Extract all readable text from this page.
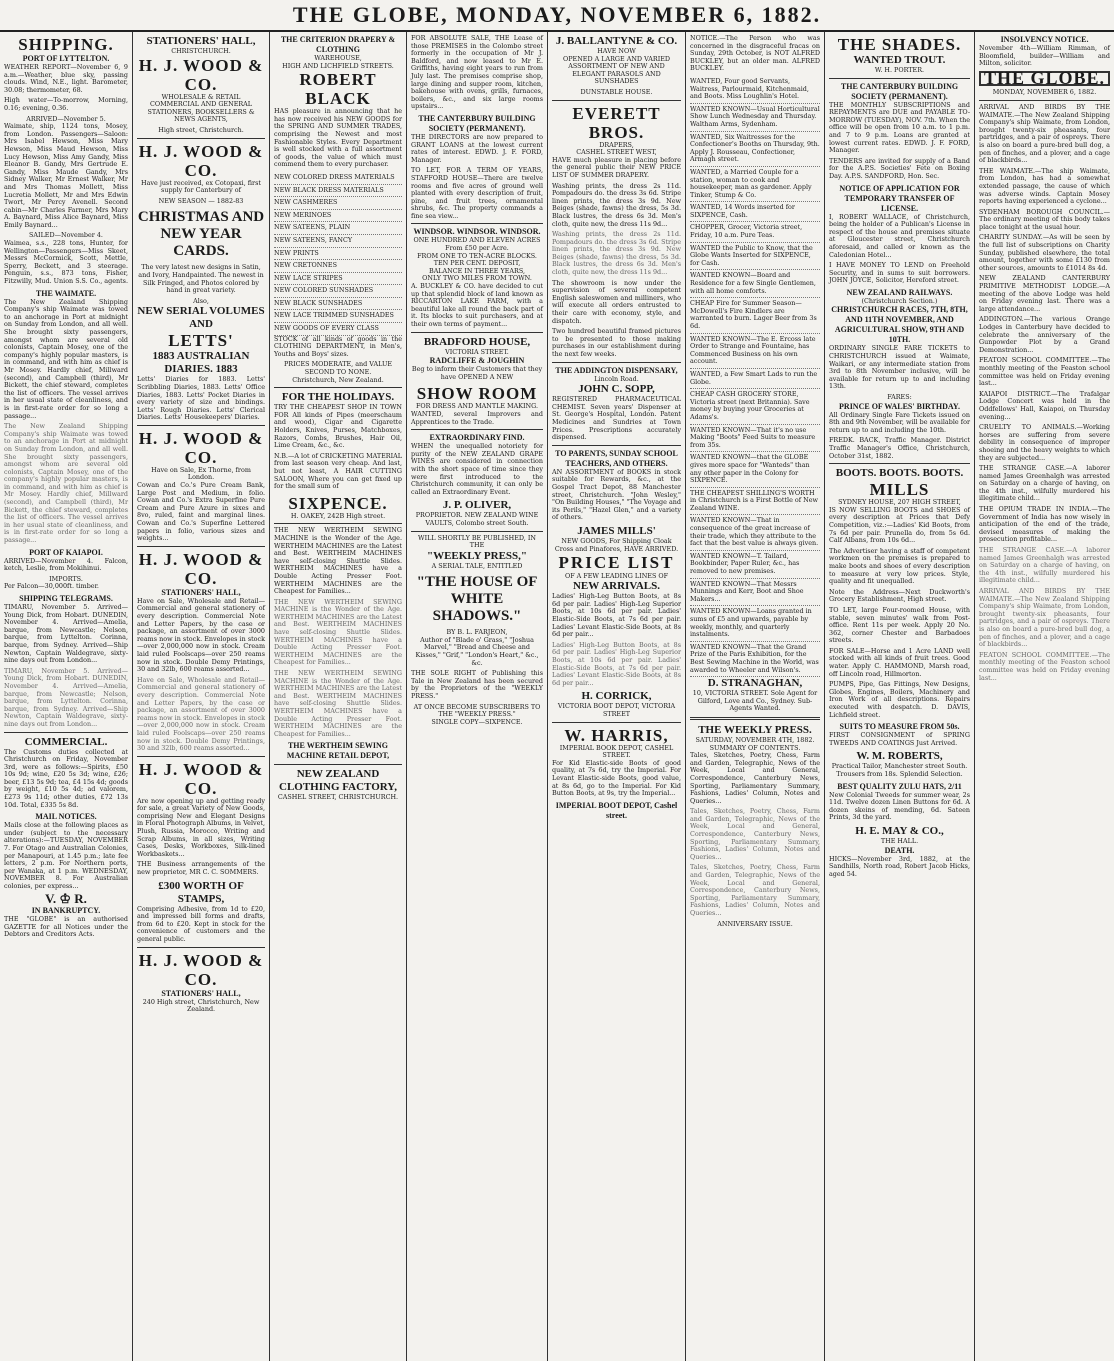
THE GLOBE, MONDAY, NOVEMBER 6, 1882.
SHIPPING.
PORT OF LYTTELTON.

WEATHER REPORT—November 6, 9 a.m.—Weather, blue sky, passing clouds. Wind, N.E., light. Barometer, 30.08; thermometer, 68.

High water—To-morrow, Morning, 0.16; evening, 0.36.

ARRIVED—November 5.

Waimate, ship, 1124 tons, Mosey, from London. Passengers—Saloon: Mrs Isabel Hewson, Miss Mary Hewson, Miss Maud Hewson, Miss Lucy Hewson, Miss Amy Gandy, Miss Eleanor B. Gandy, Mrs Gertrude E. Gandy, Miss Maude Gandy, Mrs Sidney Walker, Mr Ernest Walker, Mr and Mrs Thomas Mollett, Miss Lucretia Mollett, Mr and Mrs Edwin Twort, Mr Percy Avenell. Second cabin—Mr Charles Farmer, Mrs Mary A. Baynard, Miss Alice Baynard, Miss Emily Baynard...

SAILED—November 4.

Waimea, s.s., 228 tons, Hunter, for Wellington—Passengers—Miss Skeet, Messrs McCormick, Scott, Mettle, Sperry, Beckett, and 3 steerage. Penguin, s.s., 873 tons, Fisher, Fitzwilly, Mud. Union S.S. Co., agents.

THE WAIMATE.

The New Zealand Shipping Company's ship Waimate was towed to an anchorage in Port at midnight on Sunday from London, and all well. She brought sixty passengers, amongst whom are several old colonists, Captain Mosey, one of the company's highly popular masters, is in command, and with him as chief is Mr Mosey. Hardly chief, Millward (second), and Campbell (third), Mr Bickett, the chief steward, completes the list of officers. The vessel arrives in her usual state of cleanliness, and is in first-rate order for so long a passage...

The New Zealand Shipping Company's ship Waimate was towed to an anchorage in Port at midnight on Sunday from London, and all well. She brought sixty passengers, amongst whom are several old colonists, Captain Mosey, one of the company's highly popular masters, is in command, and with him as chief is Mr Mosey. Hardly chief, Millward (second), and Campbell (third), Mr Bickett, the chief steward, completes the list of officers. The vessel arrives in her usual state of cleanliness, and is in first-rate order for so long a passage...

PORT OF KAIAPOI.

ARRIVED—November 4. Falcon, ketch, Leslie, from Mokihinui.

IMPORTS.

Per Falcon—30,000ft. timber.

SHIPPING TELEGRAMS.

TIMARU, November 5. Arrived—Young Dick, from Hobart. DUNEDIN, November 4. Arrived—Amelia, barque, from Newcastle; Nelson, barque, from Lyttelton. Corinna, barque, from Sydney. Arrived—Ship Newton, Captain Waldegrave, sixty-nine days out from London...

TIMARU, November 5. Arrived—Young Dick, from Hobart. DUNEDIN, November 4. Arrived—Amelia, barque, from Newcastle; Nelson, barque, from Lyttelton. Corinna, barque, from Sydney. Arrived—Ship Newton, Captain Waldegrave, sixty-nine days out from London...

COMMERCIAL.

The Customs duties collected at Christchurch on Friday, November 3rd, were as follows:—Spirits, £50 10s 9d; wine, £20 5s 3d; wine, £26; beer, £13 5s 9d; tea, £4 15s 4d; goods by weight, £10 5s 4d; ad valorem, £273 9s 11d; other duties, £72 13s 10d. Total, £335 5s 8d.

MAIL NOTICES.

Mails close at the following places as under (subject to the necessary alterations):—TUESDAY, NOVEMBER 7. For Otago and Australian Colonies, per Manapouri, at 1.45 p.m.; late fee letters, 2 p.m. For Northern ports, per Wanaka, at 1 p.m. WEDNESDAY, NOVEMBER 8. For Australian colonies, per express...

V. ♔ R.
IN BANKRUPTCY.

THE "GLOBE" is an authorised GAZETTE for all Notices under the Debtors and Creditors Acts.

STATIONERS' HALL,
CHRISTCHURCH.
H. J. WOOD & CO.

WHOLESALE & RETAIL COMMERCIAL AND GENERAL STATIONERS, BOOKSELLERS & NEWS AGENTS,

High street, Christchurch.
H. J. WOOD & CO.

Have just received, ex Cotopaxi, first supply for Canterbury of

NEW SEASON — 1882-83
CHRISTMAS AND NEW YEAR CARDS.

The very latest new designs in Satin, and Ivory, Handpainted. The newest in Silk Fringed, and Photos colored by hand in great variety.

Also,
NEW SERIAL VOLUMES AND
LETTS'
1883 AUSTRALIAN DIARIES. 1883

Letts' Diaries for 1883. Letts' Scribbling Diaries, 1883. Letts' Office Diaries, 1883. Letts' Pocket Diaries in every variety of size and bindings. Letts' Rough Diaries. Letts' Clerical Diaries. Letts' Housekeepers' Diaries.

H. J. WOOD & CO.
Have on Sale, Ex Thorne, from London.

Cowan and Co.'s Pure Cream Bank, Large Post and Medium, in folio. Cowan and Co.'s Extra Superfine Pure Cream and Pure Azure in sixes and 8vo, ruled, faint and marginal lines. Cowan and Co.'s Superfine Lettered papers in folio, various sizes and weights...

H. J. WOOD & CO.
STATIONERS' HALL,

Have on Sale, Wholesale and Retail—Commercial and general stationery of every description. Commercial Note and Letter Papers, by the case or package, an assortment of over 3000 reams now in stock. Envelopes in stock—over 2,000,000 now in stock. Cream laid ruled Foolscaps—over 250 reams now in stock. Double Demy Printings, 30 and 32lb, 600 reams assorted...

Have on Sale, Wholesale and Retail—Commercial and general stationery of every description. Commercial Note and Letter Papers, by the case or package, an assortment of over 3000 reams now in stock. Envelopes in stock—over 2,000,000 now in stock. Cream laid ruled Foolscaps—over 250 reams now in stock. Double Demy Printings, 30 and 32lb, 600 reams assorted...

H. J. WOOD & CO.

Are now opening up and getting ready for sale, a great Variety of New Goods, comprising New and Elegant Designs in Floral Photograph Albums, in Velvet, Plush, Russia, Morocco, Writing and Scrap Albums, in all sizes, Writing Cases, Desks, Workboxes, Silk-lined Workbaskets...

THE Business arrangements of the new proprietor, MR C. C. SOMMERS.

£300 WORTH OF STAMPS,

Comprising Adhesive, from 1d to £20, and impressed bill forms and drafts, from 6d to £20. Kept in stock for the convenience of customers and the general public.

H. J. WOOD & CO.
STATIONERS' HALL,
240 High street, Christchurch, New Zealand.
THE CRITERION DRAPERY & CLOTHING
WAREHOUSE,
HIGH AND LICHFIELD STREETS.
ROBERT BLACK

HAS pleasure in announcing that he has now received his NEW GOODS for the SPRING AND SUMMER TRADES, comprising the Newest and most Fashionable Styles. Every Department is well stocked with a full assortment of goods, the value of which must commend them to every purchaser.

NEW COLORED DRESS MATERIALS
NEW BLACK DRESS MATERIALS
NEW CASHMERES
NEW MERINOES
NEW SATEENS, PLAIN
NEW SATEENS, FANCY
NEW PRINTS
NEW CRETONNES
NEW LACE STRIPES
NEW COLORED SUNSHADES
NEW BLACK SUNSHADES
NEW LACE TRIMMED SUNSHADES
NEW GOODS OF EVERY CLASS

STOCK of all kinds of goods in the CLOTHING DEPARTMENT, in Men's, Youths and Boys' sizes.

PRICES MODERATE, and VALUE SECOND TO NONE.
Christchurch, New Zealand.
FOR THE HOLIDAYS.

TRY THE CHEAPEST SHOP IN TOWN FOR All kinds of Pipes (meerschaum and wood), Cigar and Cigarette Holders, Knives, Purses, Matchboxes, Razors, Combs, Brushes, Hair Oil, Lime Cream, &c., &c.

N.B.—A lot of CRICKETING MATERIAL from last season very cheap. And last, but not least, A HAIR CUTTING SALOON, Where you can get fixed up for the small sum of

SIXPENCE.
H. OAKEY, 242B High street.

THE NEW WERTHEIM SEWING MACHINE is the Wonder of the Age. WERTHEIM MACHINES are the Latest and Best. WERTHEIM MACHINES have self-closing Shuttle Slides. WERTHEIM MACHINES have a Double Acting Presser Foot. WERTHEIM MACHINES are the Cheapest for Families...

THE NEW WERTHEIM SEWING MACHINE is the Wonder of the Age. WERTHEIM MACHINES are the Latest and Best. WERTHEIM MACHINES have self-closing Shuttle Slides. WERTHEIM MACHINES have a Double Acting Presser Foot. WERTHEIM MACHINES are the Cheapest for Families...

THE NEW WERTHEIM SEWING MACHINE is the Wonder of the Age. WERTHEIM MACHINES are the Latest and Best. WERTHEIM MACHINES have self-closing Shuttle Slides. WERTHEIM MACHINES have a Double Acting Presser Foot. WERTHEIM MACHINES are the Cheapest for Families...

THE WERTHEIM SEWING MACHINE RETAIL DEPOT,
NEW ZEALAND CLOTHING FACTORY,
CASHEL STREET, CHRISTCHURCH.

FOR ABSOLUTE SALE, THE Lease of those PREMISES in the Colombo street formerly in the occupation of Mr J. Baldford, and now leased to Mr E. Griffiths, having eight years to run from July last. The premises comprise shop, large dining and supper room, kitchen, bakehouse with ovens, grills, furnaces, boilers, &c., and six large rooms upstairs...

THE CANTERBURY BUILDING SOCIETY (PERMANENT).

THE DIRECTORS are now prepared to GRANT LOANS at the lowest current rates of interest. EDWD. J. F. FORD, Manager.

TO LET, FOR A TERM OF YEARS, STAFFORD HOUSE—There are twelve rooms and five acres of ground well planted with every description of fruit, pine, and fruit trees, ornamental shrubs, &c. The property commands a fine sea view...

WINDSOR. WINDSOR. WINDSOR.
ONE HUNDRED AND ELEVEN ACRES
From £50 per Acre.
FROM ONE TO TEN-ACRE BLOCKS.
TEN PER CENT. DEPOSIT,
BALANCE IN THREE YEARS,
ONLY TWO MILES FROM TOWN.

A. BUCKLEY & CO. have decided to cut up that splendid block of land known as RICCARTON LAKE FARM, with a beautiful lake all round the back part of it. Its blocks to suit purchasers, and at their own terms of payment...

BRADFORD HOUSE,
VICTORIA STREET.
RADCLIFFE & JOUGHIN

Beg to inform their Customers that they have OPENED A NEW

SHOW ROOM
FOR DRESS AND MANTLE MAKING.

WANTED, several Improvers and Apprentices to the Trade.

EXTRAORDINARY FIND.

WHEN the unequalled notoriety for purity of the NEW ZEALAND GRAPE WINES are considered in connection with the short space of time since they were first introduced to the Christchurch community, it can only be called an Extraordinary Event.

J. P. OLIVER,
PROPRIETOR. NEW ZEALAND WINE VAULTS, Colombo street South.
WILL SHORTLY BE PUBLISHED, IN THE
"WEEKLY PRESS,"
A SERIAL TALE, ENTITLED
"THE HOUSE OF WHITE SHADOWS."
BY B. L. FARJEON,

Author of "Blade o' Grass," "Joshua Marvel," "Bread and Cheese and Kisses," "Grif," "London's Heart," &c., &c.

THE SOLE RIGHT of Publishing this Tale in New Zealand has been secured by the Proprietors of the "WEEKLY PRESS."

AT ONCE BECOME SUBSCRIBERS TO THE "WEEKLY PRESS."
SINGLE COPY—SIXPENCE.
J. BALLANTYNE & CO.
HAVE NOW

OPENED A LARGE AND VARIED ASSORTMENT OF NEW AND ELEGANT PARASOLS AND SUNSHADES

DUNSTABLE HOUSE.
EVERETT BROS.
DRAPERS,
CASHEL STREET WEST,

HAVE much pleasure in placing before the general public their NEW PRICE LIST OF SUMMER DRAPERY.

Washing prints, the dress 2s 11d. Pompadours do. the dress 3s 6d. Stripe linen prints, the dress 3s 9d. New Beiges (shade, fawns) the dress, 5s 3d. Black lustres, the dress 6s 3d. Men's cloth, quite new, the dress 11s 9d...

Washing prints, the dress 2s 11d. Pompadours do. the dress 3s 6d. Stripe linen prints, the dress 3s 9d. New Beiges (shade, fawns) the dress, 5s 3d. Black lustres, the dress 6s 3d. Men's cloth, quite new, the dress 11s 9d...

The showroom is now under the supervision of several competent English saleswomen and milliners, who will execute all orders entrusted to their care with economy, style, and dispatch.

Two hundred beautiful framed pictures to be presented to those making purchases in our establishment during the next few weeks.

THE ADDINGTON DISPENSARY,
Lincoln Road.
JOHN C. SOPP,

REGISTERED PHARMACEUTICAL CHEMIST. Seven years' Dispenser at St. George's Hospital, London. Patent Medicines and Sundries at Town Prices. Prescriptions accurately dispensed.

TO PARENTS, SUNDAY SCHOOL TEACHERS, AND OTHERS.

AN ASSORTMENT of BOOKS in stock suitable for Rewards, &c., at the Gospel Tract Depot, 88 Manchester street, Christchurch. "John Wesley," "On Building Houses," "The Voyage and its Perils," "Hazel Glen," and a variety of others.

JAMES MILLS'

NEW GOODS, For Shipping Cloak Cross and Pinafores, HAVE ARRIVED.

PRICE LIST
OF A FEW LEADING LINES OF
NEW ARRIVALS.

Ladies' High-Leg Button Boots, at 8s 6d per pair. Ladies' High-Leg Superior Boots, at 10s 6d per pair. Ladies' Elastic-Side Boots, at 7s 6d per pair. Ladies' Levant Elastic-Side Boots, at 8s 6d per pair...

Ladies' High-Leg Button Boots, at 8s 6d per pair. Ladies' High-Leg Superior Boots, at 10s 6d per pair. Ladies' Elastic-Side Boots, at 7s 6d per pair. Ladies' Levant Elastic-Side Boots, at 8s 6d per pair...

H. CORRICK,
VICTORIA BOOT DEPOT, VICTORIA STREET
W. HARRIS,
IMPERIAL BOOK DEPOT, CASHEL STREET.

For Kid Elastic-side Boots of good quality, at 7s 6d, try the Imperial. For Levant Elastic-side Boots, good value, at 8s 6d, go to the Imperial. For Kid Button Boots, at 9s, try the Imperial...

IMPERIAL BOOT DEPOT, Cashel street.

NOTICE.—The Person who was concerned in the disgraceful fracas on Sunday, 29th October, is NOT ALFRED BUCKLEY, but an older man. ALFRED BUCKLEY.

WANTED, Four good Servants, Waitress, Parlourmaid, Kitchenmaid, and Boots. Miss Loughlin's Hotel.
WANTED KNOWN—Usual Horticultural Show Lunch Wednesday and Thursday. Waltham Arms, Sydenham.
WANTED, Six Waitresses for the Confectioner's Booths on Thursday, 9th. Apply J. Rousseau, Confectioner, Armagh street.
WANTED, a Married Couple for a station, woman to cook and housekeeper, man as gardener. Apply Tinker, Stump & Co.
WANTED, 14 Words inserted for SIXPENCE, Cash.
CHOPPER, Grocer, Victoria street, Friday, 10 a.m. Pure Teas.
WANTED the Public to Know, that the Globe Wants Inserted for SIXPENCE, for Cash.
WANTED KNOWN—Board and Residence for a few Single Gentlemen, with all home comforts.
CHEAP Fire for Summer Season—McDowell's Fire Kindlers are warranted to burn. Lager Beer from 3s 6d.
WANTED KNOWN—The E. Ercoss late Order to Strange and Fountaine, has Commenced Business on his own account.
WANTED, a Few Smart Lads to run the Globe.
CHEAP CASH GROCERY STORE, Victoria street (next Britannia). Save money by buying your Groceries at Adams's.
WANTED KNOWN—That it's no use Making "Boots" Feed Suits to measure from 35s.
WANTED KNOWN—that the GLOBE gives more space for "Wanteds" than any other paper in the Colony for SIXPENCE.
THE CHEAPEST SHILLING'S WORTH in Christchurch is a First Bottle of New Zealand WINE.
WANTED KNOWN—That in consequence of the great increase of their trade, which they attribute to the fact that the best value is always given.
WANTED KNOWN—T. Tailard, Bookbinder, Paper Ruler, &c., has removed to new premises.
WANTED KNOWN—That Messrs Munnings and Kerr, Boot and Shoe Makers...
WANTED KNOWN—Loans granted in sums of £5 and upwards, payable by weekly, monthly, and quarterly instalments.
WANTED KNOWN—That the Grand Prize of the Paris Exhibition, for the Best Sewing Machine in the World, was awarded to Wheeler and Wilson's.
D. STRANAGHAN,

10, VICTORIA STREET. Sole Agent for Gilford, Love and Co., Sydney. Sub-Agents Wanted.

THE WEEKLY PRESS.
SATURDAY, NOVEMBER 4TH, 1882.
SUMMARY OF CONTENTS.

Tales, Sketches, Poetry, Chess, Farm and Garden, Telegraphic, News of the Week, Local and General, Correspondence, Canterbury News, Sporting, Parliamentary Summary, Fashions, Ladies' Column, Notes and Queries...

Tales, Sketches, Poetry, Chess, Farm and Garden, Telegraphic, News of the Week, Local and General, Correspondence, Canterbury News, Sporting, Parliamentary Summary, Fashions, Ladies' Column, Notes and Queries...

Tales, Sketches, Poetry, Chess, Farm and Garden, Telegraphic, News of the Week, Local and General, Correspondence, Canterbury News, Sporting, Parliamentary Summary, Fashions, Ladies' Column, Notes and Queries...

ANNIVERSARY ISSUE.
THE SHADES.
WANTED TROUT.
W. H. PORTER.
THE CANTERBURY BUILDING SOCIETY (PERMANENT).

THE MONTHLY SUBSCRIPTIONS and REPAYMENTS are DUE and PAYABLE TO-MORROW (TUESDAY), NOV. 7th. When the office will be open from 10 a.m. to 1 p.m. and 7 to 9 p.m. Loans are granted at lowest current rates. EDWD. J. F. FORD, Manager.

TENDERS are invited for supply of a Band for the A.P.S. Societies' Fete on Boxing Day. A.P.S. SANDFORD, Hon. Sec.

NOTICE OF APPLICATION FOR TEMPORARY TRANSFER OF LICENSE.

I, ROBERT WALLACE, of Christchurch, being the holder of a Publican's License in respect of the house and premises situate at Gloucester street, Christchurch aforesaid, and called or known as the Caledonian Hotel...

I HAVE MONEY TO LEND on Freehold Security, and in sums to suit borrowers. JOHN JOYCE, Solicitor, Hereford street.

NEW ZEALAND RAILWAYS.
(Christchurch Section.)
CHRISTCHURCH RACES, 7TH, 8TH, AND 11TH NOVEMBER, AND AGRICULTURAL SHOW, 9TH AND 10TH.

ORDINARY SINGLE FARE TICKETS to CHRISTCHURCH issued at Waimate, Waikari, or any intermediate station from 3rd to 8th November inclusive, will be available for return up to and including 13th.

FARES:
PRINCE OF WALES' BIRTHDAY.

All Ordinary Single Fare Tickets issued on 8th and 9th November, will be available for return up to and including the 10th.

FREDK. BACK, Traffic Manager. District Traffic Manager's Office, Christchurch, October 31st, 1882.

BOOTS. BOOTS. BOOTS.
MILLS
SYDNEY HOUSE, 207 HIGH STREET,

IS NOW SELLING BOOTS and SHOES of every description at Prices that Defy Competition, viz.:—Ladies' Kid Boots, from 7s 6d per pair. Prunella do, from 5s 6d. Calf Albans, from 10s 6d...

The Advertiser having a staff of competent workmen on the premises is prepared to make boots and shoes of every description to measure at very low prices. Style, quality and fit unequalled.

Note the Address—Next Duckworth's Grocery Establishment, High street.

TO LET, large Four-roomed House, with stable, seven minutes' walk from Post-office. Rent 11s per week. Apply 20 No. 362, corner Chester and Barbadoes streets.

FOR SALE—Horse and 1 Acre LAND well stocked with all kinds of fruit trees. Good water. Apply C. HAMMOND, Marsh road, off Lincoln road, Hillmorton.

PUMPS, Pipe, Gas Fittings, New Designs, Globes, Engines, Boilers, Machinery and Iron Work of all descriptions. Repairs executed with despatch. D. DAVIS, Lichfield street.

SUITS TO MEASURE FROM 50s.

FIRST CONSIGNMENT of SPRING TWEEDS AND COATINGS Just Arrived.

W. M. ROBERTS,

Practical Tailor, Manchester street South. Trousers from 18s. Splendid Selection.

BEST QUALITY ZULU HATS, 2/11

New Colonial Tweeds for summer wear, 2s 11d. Twelve dozen Linen Buttons for 6d. A dozen skeins of mending, 6d. Sateen Prints, 3d the yard.

H. E. MAY & CO.,
THE HALL.
DEATH.

HICKS—November 3rd, 1882, at the Sandhills, North road, Robert Jacob Hicks, aged 54.

INSOLVENCY NOTICE.

November 4th—William Rimman, of Bloomfield, builder—William and Milton, solicitor.

THE GLOBE.
MONDAY, NOVEMBER 6, 1882.

ARRIVAL AND BIRDS BY THE WAIMATE.—The New Zealand Shipping Company's ship Waimate, from London, brought twenty-six pheasants, four partridges, and a pair of ospreys. There is also on board a pure-bred bull dog, a pen of finches, and a plover, and a cage of blackbirds...

THE WAIMATE.—The ship Waimate, from London, has had a somewhat extended passage, the cause of which was adverse winds. Captain Mosey reports having experienced a cyclone...

SYDENHAM BOROUGH COUNCIL.—The ordinary meeting of this body takes place tonight at the usual hour.

CHARITY SUNDAY.—As will be seen by the full list of subscriptions on Charity Sunday, published elsewhere, the total amount, together with some £130 from other sources, amounts to £1014 8s 4d.

NEW ZEALAND CANTERBURY PRIMITIVE METHODIST LODGE.—A meeting of the above Lodge was held on Friday evening last. There was a large attendance...

ADDINGTON.—The various Orange Lodges in Canterbury have decided to celebrate the anniversary of the Gunpowder Plot by a Grand Demonstration...

FEATON SCHOOL COMMITTEE.—The monthly meeting of the Feaston school committee was held on Friday evening last...

KAIAPOI DISTRICT.—The Trafalgar Lodge Concert was held in the Oddfellows' Hall, Kaiapoi, on Thursday evening...

CRUELTY TO ANIMALS.—Working horses are suffering from severe debility in consequence of improper shoeing and the heavy weights to which they are subjected...

THE STRANGE CASE.—A laborer named James Greenhalgh was arrested on Saturday on a charge of having, on the 4th inst., wilfully murdered his illegitimate child...

THE OPIUM TRADE IN INDIA.—The Government of India has now wisely in anticipation of the end of the trade, devised measures of making the prosecution profitable...

THE STRANGE CASE.—A laborer named James Greenhalgh was arrested on Saturday on a charge of having, on the 4th inst., wilfully murdered his illegitimate child...

ARRIVAL AND BIRDS BY THE WAIMATE.—The New Zealand Shipping Company's ship Waimate, from London, brought twenty-six pheasants, four partridges, and a pair of ospreys. There is also on board a pure-bred bull dog, a pen of finches, and a plover, and a cage of blackbirds...

FEATON SCHOOL COMMITTEE.—The monthly meeting of the Feaston school committee was held on Friday evening last...
